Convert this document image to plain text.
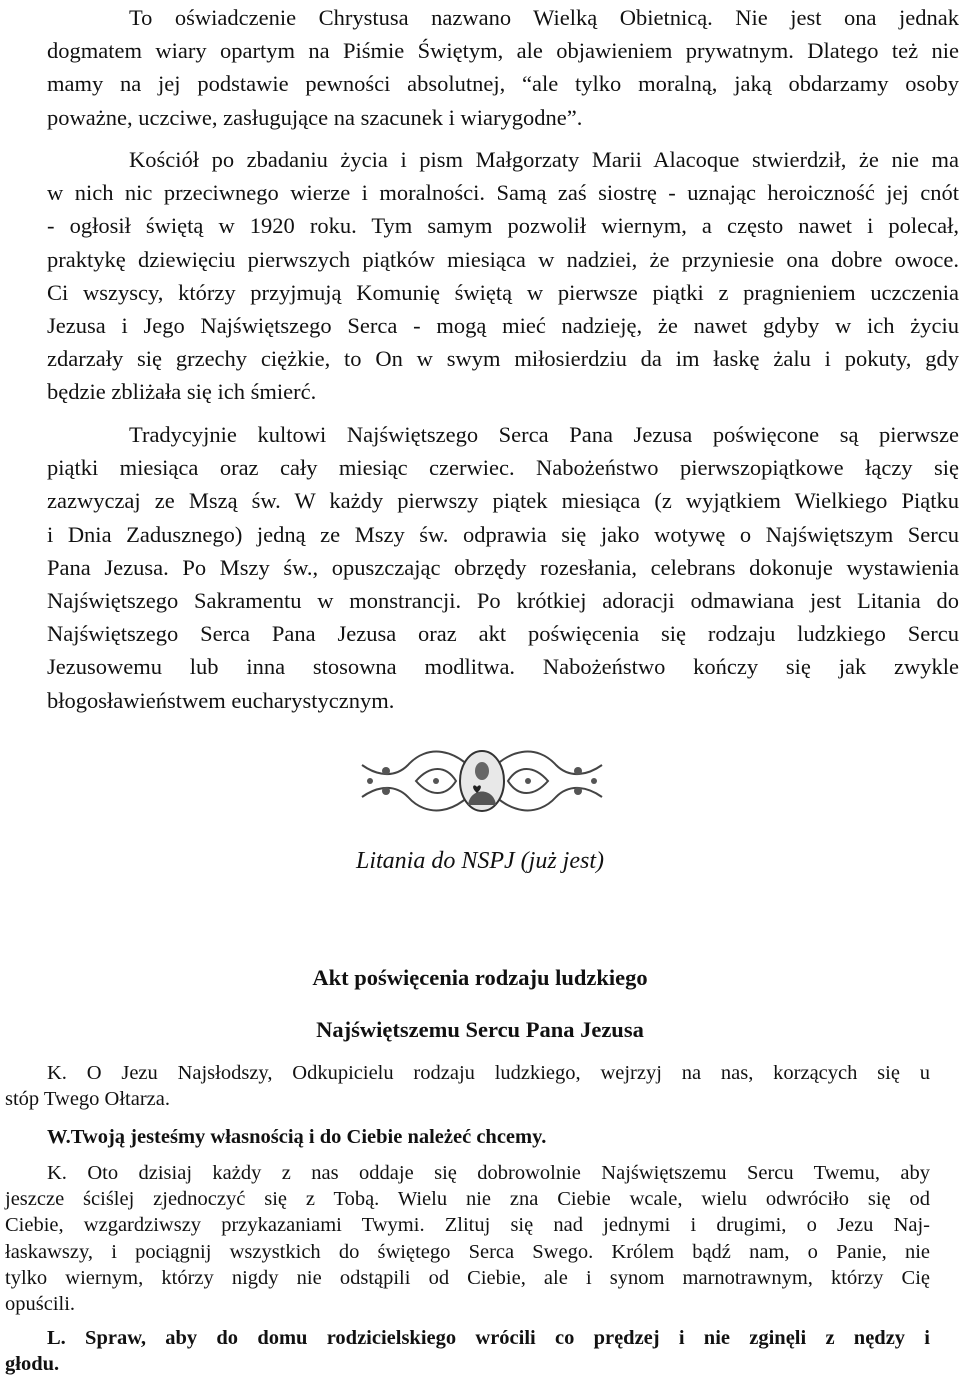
To oświadczenie Chrystusa nazwano Wielką Obietnicą. Nie jest ona jednak
dogmatem wiary opartym na Piśmie Świętym, ale objawieniem prywatnym. Dlatego też nie
mamy na jej podstawie pewności absolutnej, “ale tylko moralną, jaką obdarzamy osoby
poważne, uczciwe, zasługujące na szacunek i wiarygodne”.
Kościół po zbadaniu życia i pism Małgorzaty Marii Alacoque stwierdził, że nie ma
w nich nic przeciwnego wierze i moralności. Samą zaś siostrę - uznając heroiczność jej cnót
- ogłosił świętą w 1920 roku. Tym samym pozwolił wiernym, a często nawet i polecał,
praktykę dziewięciu pierwszych piątków miesiąca w nadziei, że przyniesie ona dobre owoce.
Ci wszyscy, którzy przyjmują Komunię świętą w pierwsze piątki z pragnieniem uczczenia
Jezusa i Jego Najświętszego Serca - mogą mieć nadzieję, że nawet gdyby w ich życiu
zdarzały się grzechy ciężkie, to On w swym miłosierdziu da im łaskę żalu i pokuty, gdy
będzie zbliżała się ich śmierć.
Tradycyjnie kultowi Najświętszego Serca Pana Jezusa poświęcone są pierwsze
piątki miesiąca oraz cały miesiąc czerwiec. Nabożeństwo pierwszopiątkowe łączy się
zazwyczaj ze Mszą św. W każdy pierwszy piątek miesiąca (z wyjątkiem Wielkiego Piątku
i Dnia Zadusznego) jedną ze Mszy św. odprawia się jako wotywę o Najświętszym Sercu
Pana Jezusa. Po Mszy św., opuszczając obrzędy rozesłania, celebrans dokonuje wystawienia
Najświętszego Sakramentu w monstrancji. Po krótkiej adoracji odmawiana jest Litania do
Najświętszego Serca Pana Jezusa oraz akt poświęcenia się rodzaju ludzkiego Sercu
Jezusowemu lub inna stosowna modlitwa. Nabożeństwo kończy się jak zwykle
błogosławieństwem eucharystycznym.
Litania do NSPJ (już jest)
Akt poświęcenia rodzaju ludzkiego
Najświętszemu Sercu Pana Jezusa
K. O Jezu Najsłodszy, Odkupicielu rodzaju ludzkiego, wejrzyj na nas, korzących się u
stóp Twego Ołtarza.
W.Twoją jesteśmy własnością i do Ciebie należeć chcemy.
K. Oto dzisiaj każdy z nas oddaje się dobrowolnie Najświętszemu Sercu Twemu, aby
jeszcze ściślej zjednoczyć się z Tobą. Wielu nie zna Ciebie wcale, wielu odwróciło się od
Ciebie, wzgardziwszy przykazaniami Twymi. Zlituj się nad jednymi i drugimi, o Jezu Naj-
łaskawszy, i pociągnij wszystkich do świętego Serca Swego. Królem bądź nam, o Panie, nie
tylko wiernym, którzy nigdy nie odstąpili od Ciebie, ale i synom marnotrawnym, którzy Cię
opuścili.
L. Spraw, aby do domu rodzicielskiego wrócili co prędzej i nie zginęli z nędzy i
głodu.
